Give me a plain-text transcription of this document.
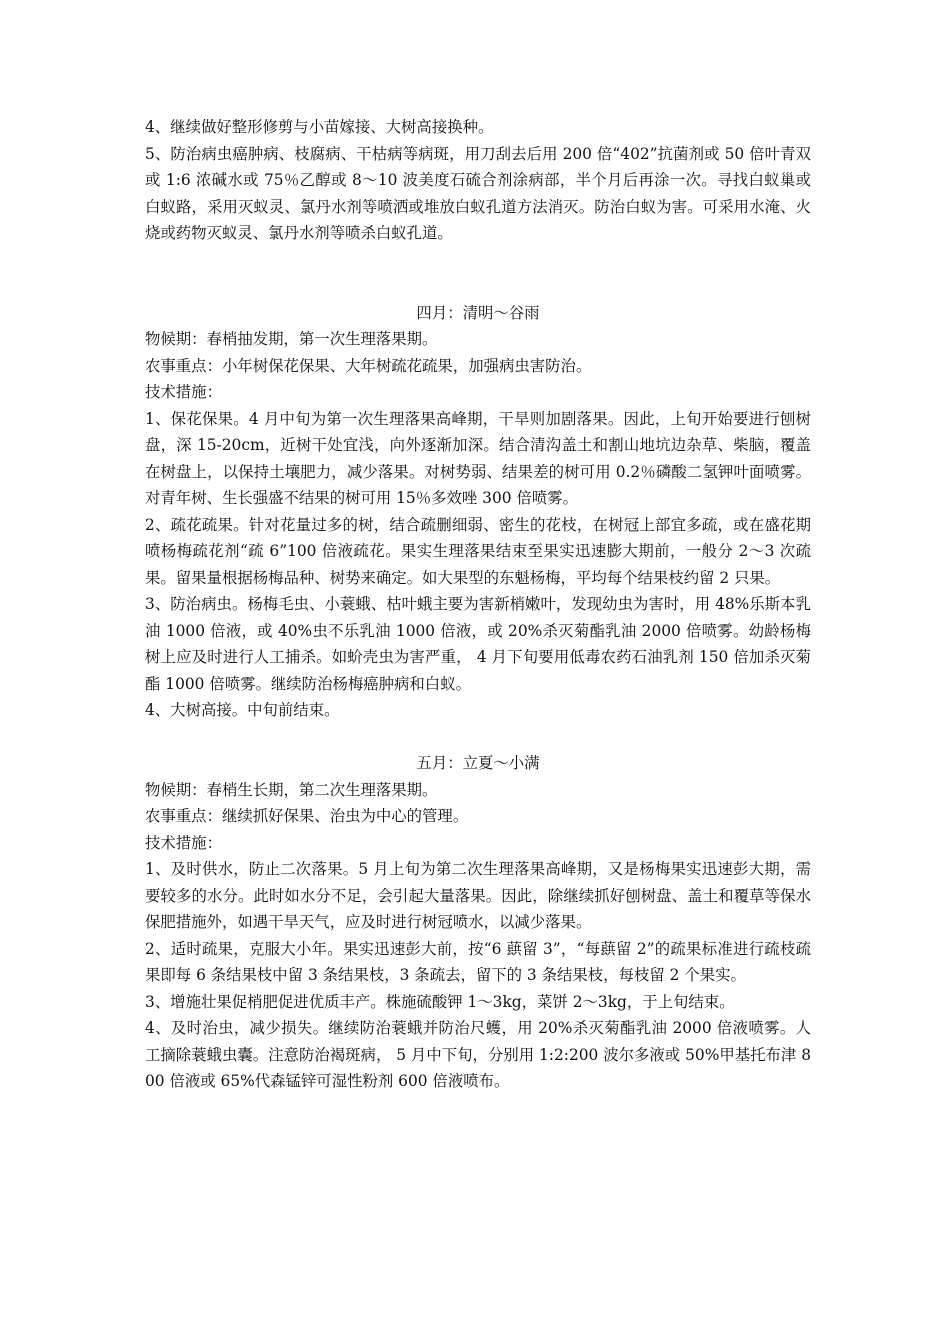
4、继续做好整形修剪与小苗嫁接、大树高接换种。

5、防治病虫癌肿病、枝腐病、干枯病等病斑，用刀刮去后用 200 倍“402”抗菌剂或 50 倍叶青双或 1:6 浓碱水或 75％乙醇或 8～10 波美度石硫合剂涂病部，半个月后再涂一次。寻找白蚁巢或白蚁路，采用灭蚁灵、氯丹水剂等喷洒或堆放白蚁孔道方法消灭。防治白蚁为害。可采用水淹、火烧或药物灭蚁灵、氯丹水剂等喷杀白蚁孔道。

四月：清明～谷雨

物候期：春梢抽发期，第一次生理落果期。

农事重点：小年树保花保果、大年树疏花疏果，加强病虫害防治。

技术措施：

1、保花保果。4 月中旬为第一次生理落果高峰期，干旱则加剧落果。因此，上旬开始要进行刨树盘，深 15-20cm，近树干处宜浅，向外逐渐加深。结合清沟盖土和割山地坑边杂草、柴脑，覆盖在树盘上，以保持土壤肥力，减少落果。对树势弱、结果差的树可用 0.2％磷酸二氢钾叶面喷雾。对青年树、生长强盛不结果的树可用 15％多效唑 300 倍喷雾。

2、疏花疏果。针对花量过多的树，结合疏删细弱、密生的花枝，在树冠上部宜多疏，或在盛花期喷杨梅疏花剂“疏 6”100 倍液疏花。果实生理落果结束至果实迅速膨大期前，一般分 2～3 次疏果。留果量根据杨梅品种、树势来确定。如大果型的东魁杨梅，平均每个结果枝约留 2 只果。

3、防治病虫。杨梅毛虫、小蓑蛾、枯叶蛾主要为害新梢嫩叶，发现幼虫为害时，用 48%乐斯本乳油 1000 倍液，或 40%虫不乐乳油 1000 倍液，或 20%杀灭菊酯乳油 2000 倍喷雾。幼龄杨梅树上应及时进行人工捕杀。如蚧壳虫为害严重， 4 月下旬要用低毒农药石油乳剂 150 倍加杀灭菊酯 1000 倍喷雾。继续防治杨梅癌肿病和白蚁。

4、大树高接。中旬前结束。

五月：立夏～小满

物候期：春梢生长期，第二次生理落果期。

农事重点：继续抓好保果、治虫为中心的管理。

技术措施：

1、及时供水，防止二次落果。5 月上旬为第二次生理落果高峰期，又是杨梅果实迅速彭大期，需要较多的水分。此时如水分不足，会引起大量落果。因此，除继续抓好刨树盘、盖土和覆草等保水保肥措施外，如遇干旱天气，应及时进行树冠喷水，以减少落果。

2、适时疏果，克服大小年。果实迅速彭大前，按“6 蕻留 3”，“每蕻留 2”的疏果标准进行疏枝疏果即每 6 条结果枝中留 3 条结果枝，3 条疏去，留下的 3 条结果枝，每枝留 2 个果实。

3、增施壮果促梢肥促进优质丰产。株施硫酸钾 1～3kg，菜饼 2～3kg，于上旬结束。

4、及时治虫，减少损失。继续防治蓑蛾并防治尺蠖，用 20%杀灭菊酯乳油 2000 倍液喷雾。人工摘除蓑蛾虫囊。注意防治褐斑病， 5 月中下旬，分别用 1:2:200 波尔多液或 50%甲基托布津 800 倍液或 65%代森锰锌可湿性粉剂 600 倍液喷布。
